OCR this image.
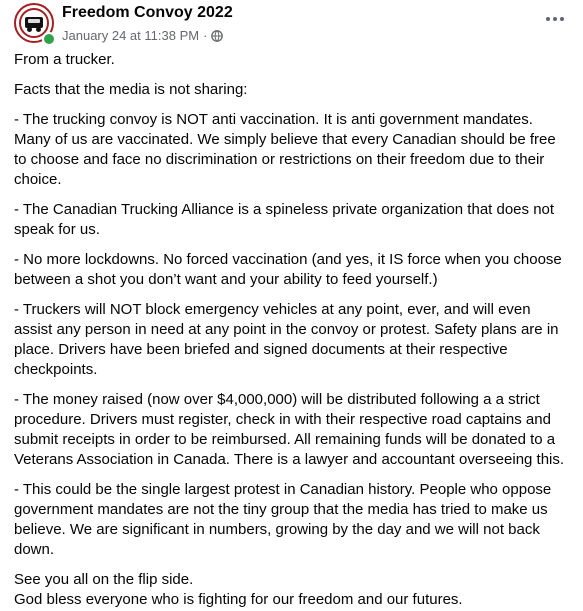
Freedom Convoy 2022
January 24 at 11:38 PM ·

From a trucker.

Facts that the media is not sharing:

- The trucking convoy is NOT anti vaccination. It is anti government mandates. Many of us are vaccinated. We simply believe that every Canadian should be free to choose and face no discrimination or restrictions on their freedom due to their choice.

- The Canadian Trucking Alliance is a spineless private organization that does not speak for us.

- No more lockdowns. No forced vaccination (and yes, it IS force when you choose between a shot you don’t want and your ability to feed yourself.)

- Truckers will NOT block emergency vehicles at any point, ever, and will even assist any person in need at any point in the convoy or protest. Safety plans are in place. Drivers have been briefed and signed documents at their respective checkpoints.

- The money raised (now over $4,000,000) will be distributed following a a strict procedure. Drivers must register, check in with their respective road captains and submit receipts in order to be reimbursed. All remaining funds will be donated to a Veterans Association in Canada. There is a lawyer and accountant overseeing this.

- This could be the single largest protest in Canadian history. People who oppose government mandates are not the tiny group that the media has tried to make us believe. We are significant in numbers, growing by the day and we will not back down.

See you all on the flip side.

God bless everyone who is fighting for our freedom and our futures.
